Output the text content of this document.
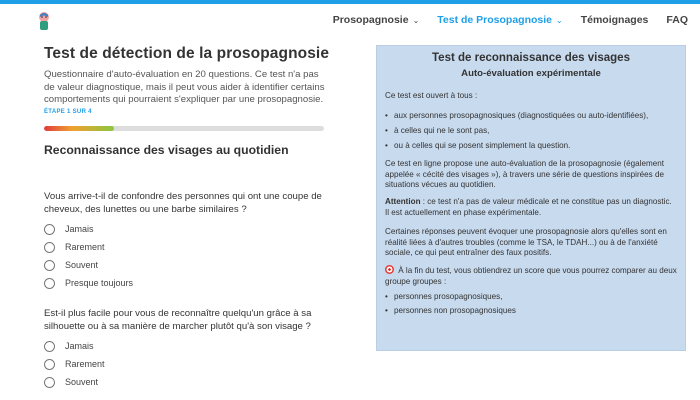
Prosopagnosie ⌄ Test de Prosopagnosie ⌄ Témoignages FAQ
Test de détection de la prosopagnosie

Questionnaire d'auto-évaluation en 20 questions. Ce test n'a pas de valeur diagnostique, mais il peut vous aider à identifier certains comportements qui pourraient s'expliquer par une prosopagnosie.

ÉTAPE 1 SUR 4
Reconnaissance des visages au quotidien

Vous arrive-t-il de confondre des personnes qui ont une coupe de cheveux, des lunettes ou une barbe similaires ?

Jamais
Rarement
Souvent
Presque toujours

Est-il plus facile pour vous de reconnaître quelqu'un grâce à sa silhouette ou à sa manière de marcher plutôt qu'à son visage ?

Jamais
Rarement
Souvent
Test de reconnaissance des visages
Auto-évaluation expérimentale

Ce test est ouvert à tous :

• aux personnes prosopagnosiques (diagnostiquées ou auto-identifiées),
• à celles qui ne le sont pas,
• ou à celles qui se posent simplement la question.

Ce test en ligne propose une auto-évaluation de la prosopagnosie (également appelée « cécité des visages »), à travers une série de questions inspirées de situations vécues au quotidien.

Attention : ce test n'a pas de valeur médicale et ne constitue pas un diagnostic. Il est actuellement en phase expérimentale.

Certaines réponses peuvent évoquer une prosopagnosie alors qu'elles sont en réalité liées à d'autres troubles (comme le TSA, le TDAH...) ou à de l'anxiété sociale, ce qui peut entraîner des faux positifs.

À la fin du test, vous obtiendrez un score que vous pourrez comparer au deux groupe groupes :

• personnes prosopagnosiques,
• personnes non prosopagnosiques
